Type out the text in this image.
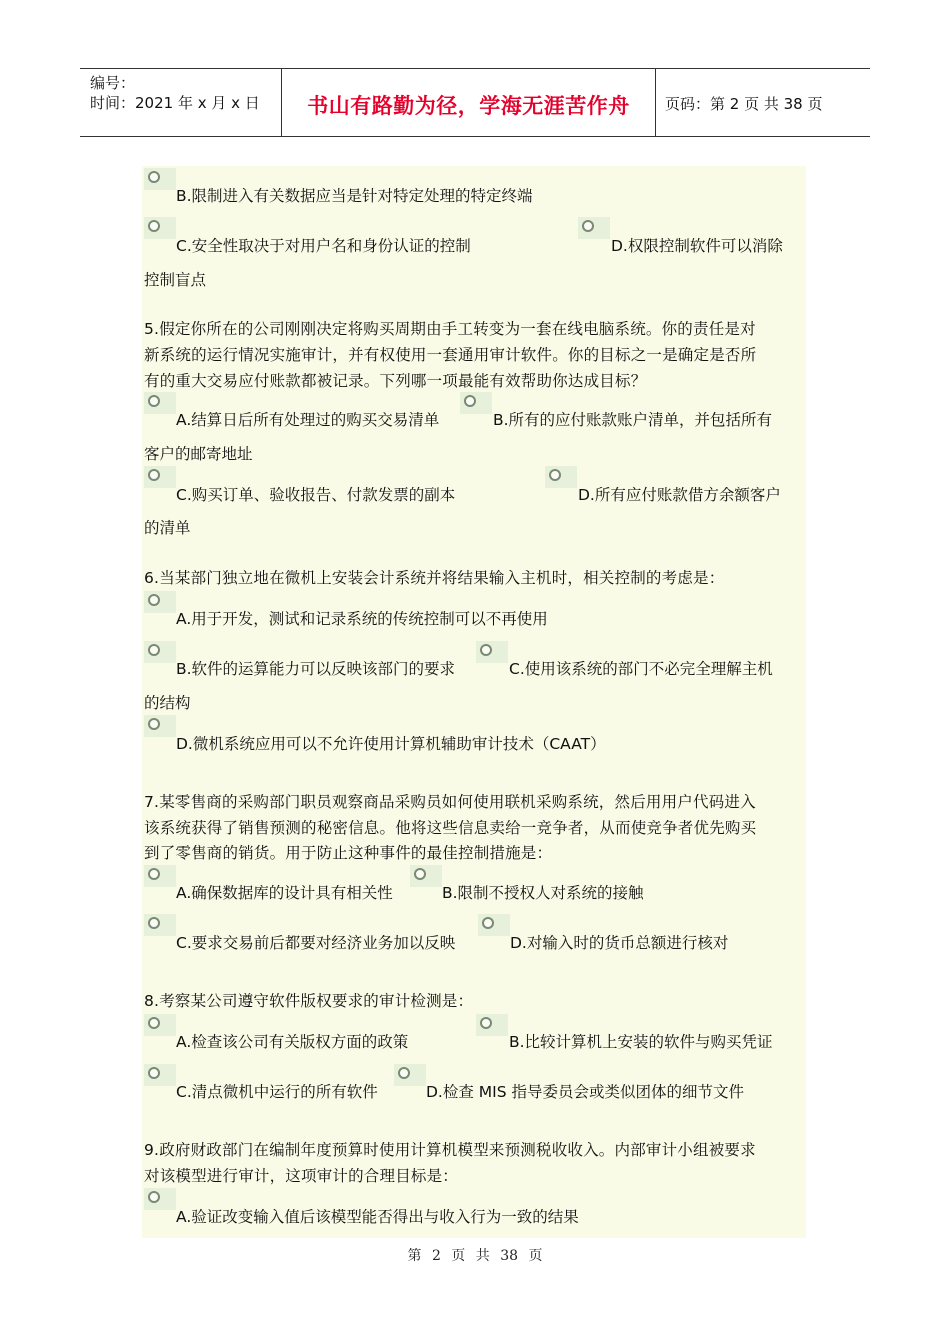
编号：
时间：2021 年 x 月 x 日	书山有路勤为径，学海无涯苦作舟	页码：第 2 页 共 38 页
B.限制进入有关数据应当是针对特定处理的特定终端
C.安全性取决于对用户名和身份认证的控制	D.权限控制软件可以消除
控制盲点
5.假定你所在的公司刚刚决定将购买周期由手工转变为一套在线电脑系统。你的责任是对
新系统的运行情况实施审计，并有权使用一套通用审计软件。你的目标之一是确定是否所
有的重大交易应付账款都被记录。下列哪一项最能有效帮助你达成目标？
A.结算日后所有处理过的购买交易清单	B.所有的应付账款账户清单，并包括所有
客户的邮寄地址
C.购买订单、验收报告、付款发票的副本	D.所有应付账款借方余额客户
的清单
6.当某部门独立地在微机上安装会计系统并将结果输入主机时，相关控制的考虑是：
A.用于开发，测试和记录系统的传统控制可以不再使用
B.软件的运算能力可以反映该部门的要求	C.使用该系统的部门不必完全理解主机
的结构
D.微机系统应用可以不允许使用计算机辅助审计技术（CAAT）
7.某零售商的采购部门职员观察商品采购员如何使用联机采购系统，然后用用户代码进入
该系统获得了销售预测的秘密信息。他将这些信息卖给一竞争者，从而使竞争者优先购买
到了零售商的销货。用于防止这种事件的最佳控制措施是：
A.确保数据库的设计具有相关性	B.限制不授权人对系统的接触
C.要求交易前后都要对经济业务加以反映	D.对输入时的货币总额进行核对
8.考察某公司遵守软件版权要求的审计检测是：
A.检查该公司有关版权方面的政策	B.比较计算机上安装的软件与购买凭证
C.清点微机中运行的所有软件	D.检查 MIS 指导委员会或类似团体的细节文件
9.政府财政部门在编制年度预算时使用计算机模型来预测税收收入。内部审计小组被要求
对该模型进行审计，这项审计的合理目标是：
A.验证改变输入值后该模型能否得出与收入行为一致的结果
第 2 页 共 38 页
